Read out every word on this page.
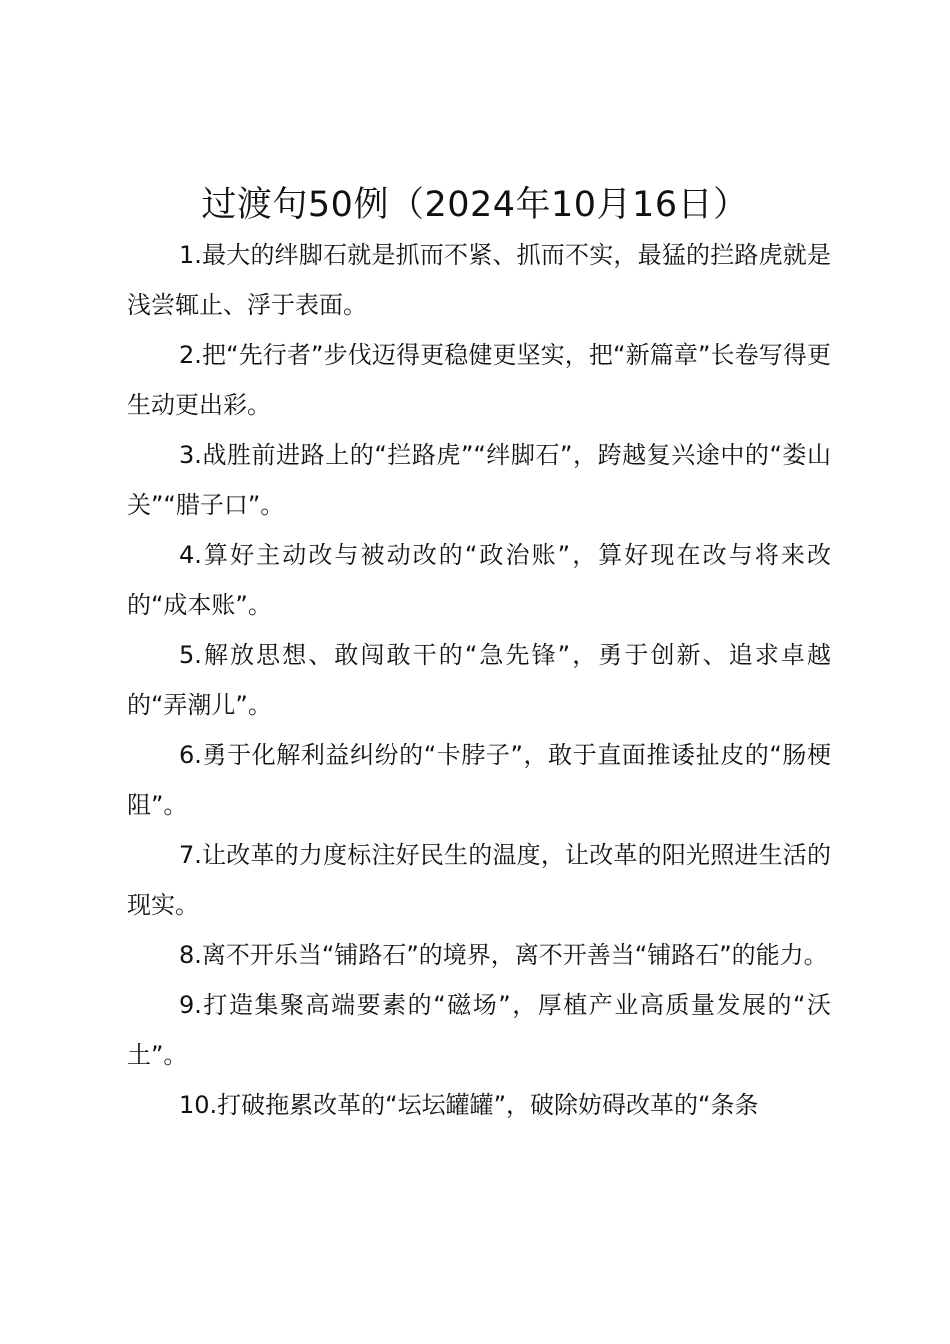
过渡句50例（2024年10月16日）

1.最大的绊脚石就是抓而不紧、抓而不实，最猛的拦路虎就是浅尝辄止、浮于表面。

2.把“先行者”步伐迈得更稳健更坚实，把“新篇章”长卷写得更生动更出彩。

3.战胜前进路上的“拦路虎”“绊脚石”，跨越复兴途中的“娄山关”“腊子口”。

4.算好主动改与被动改的“政治账”，算好现在改与将来改的“成本账”。

5.解放思想、敢闯敢干的“急先锋”，勇于创新、追求卓越的“弄潮儿”。

6.勇于化解利益纠纷的“卡脖子”，敢于直面推诿扯皮的“肠梗阻”。

7.让改革的力度标注好民生的温度，让改革的阳光照进生活的现实。

8.离不开乐当“铺路石”的境界，离不开善当“铺路石”的能力。

9.打造集聚高端要素的“磁场”，厚植产业高质量发展的“沃土”。

10.打破拖累改革的“坛坛罐罐”，破除妨碍改革的“条条
